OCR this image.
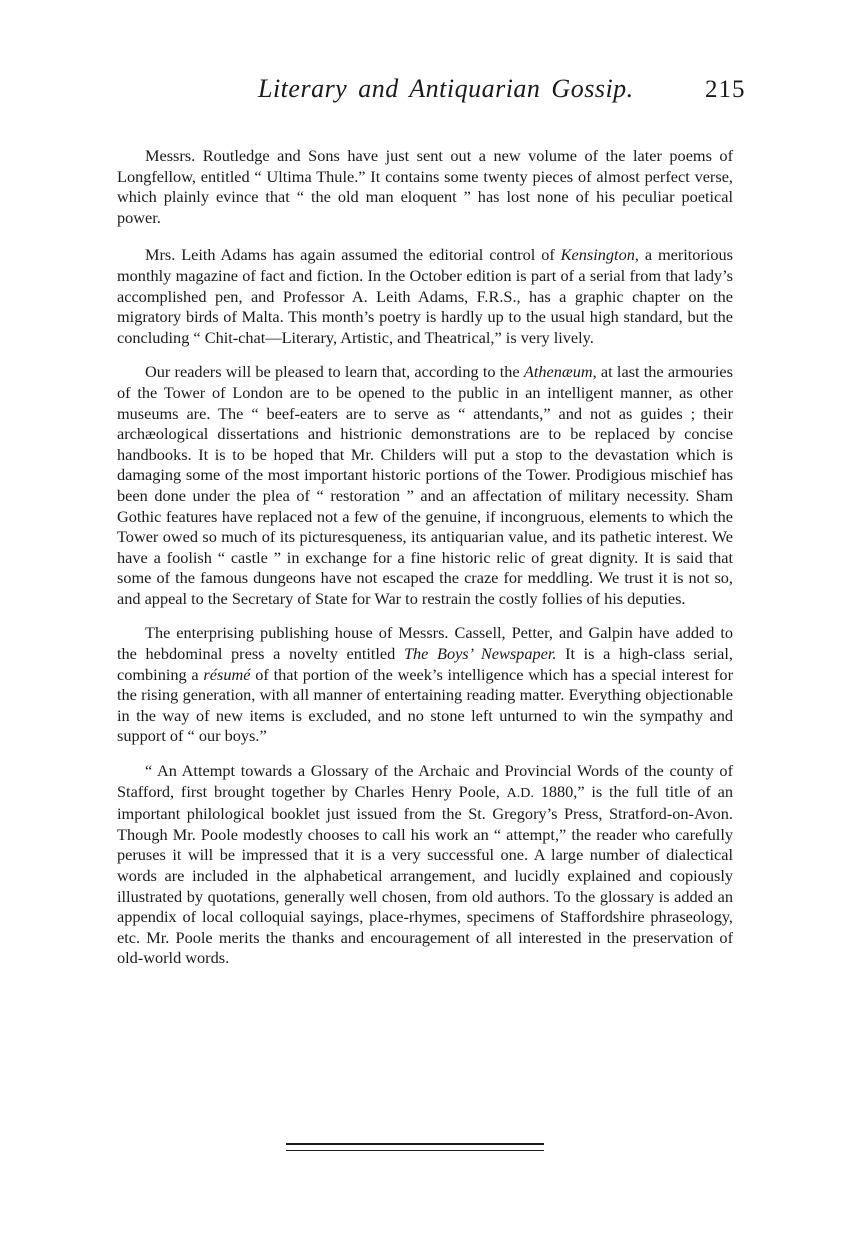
Literary and Antiquarian Gossip.	215

Messrs. Routledge and Sons have just sent out a new volume of the later poems of Longfellow, entitled “ Ultima Thule.” It contains some twenty pieces of almost perfect verse, which plainly evince that “ the old man eloquent ” has lost none of his peculiar poetical power.

Mrs. Leith Adams has again assumed the editorial control of Kensington, a meritorious monthly magazine of fact and fiction. In the October edition is part of a serial from that lady’s accomplished pen, and Professor A. Leith Adams, F.R.S., has a graphic chapter on the migratory birds of Malta. This month’s poetry is hardly up to the usual high standard, but the concluding “ Chit-chat—Literary, Artistic, and Theatrical,” is very lively.

Our readers will be pleased to learn that, according to the Athenæum, at last the armouries of the Tower of London are to be opened to the public in an intelligent manner, as other museums are. The “ beef-eaters are to serve as “ attendants,” and not as guides ; their archæological dissertations and histrionic demonstrations are to be replaced by concise handbooks. It is to be hoped that Mr. Childers will put a stop to the devastation which is damaging some of the most important historic portions of the Tower. Prodigious mischief has been done under the plea of “ restoration ” and an affectation of military necessity. Sham Gothic features have replaced not a few of the genuine, if incongruous, elements to which the Tower owed so much of its picturesqueness, its antiquarian value, and its pathetic interest. We have a foolish “ castle ” in exchange for a fine historic relic of great dignity. It is said that some of the famous dungeons have not escaped the craze for meddling. We trust it is not so, and appeal to the Secretary of State for War to restrain the costly follies of his deputies.

The enterprising publishing house of Messrs. Cassell, Petter, and Galpin have added to the hebdominal press a novelty entitled The Boys’ Newspaper. It is a high-class serial, combining a résumé of that portion of the week’s intelligence which has a special interest for the rising generation, with all manner of entertaining reading matter. Everything objectionable in the way of new items is excluded, and no stone left unturned to win the sympathy and support of “ our boys.”

“ An Attempt towards a Glossary of the Archaic and Provincial Words of the county of Stafford, first brought together by Charles Henry Poole, A.D. 1880,” is the full title of an important philological booklet just issued from the St. Gregory’s Press, Stratford-on-Avon. Though Mr. Poole modestly chooses to call his work an “ attempt,” the reader who carefully peruses it will be impressed that it is a very successful one. A large number of dialectical words are included in the alphabetical arrangement, and lucidly explained and copiously illustrated by quotations, generally well chosen, from old authors. To the glossary is added an appendix of local colloquial sayings, place-rhymes, specimens of Staffordshire phraseology, etc. Mr. Poole merits the thanks and encouragement of all interested in the preservation of old-world words.
